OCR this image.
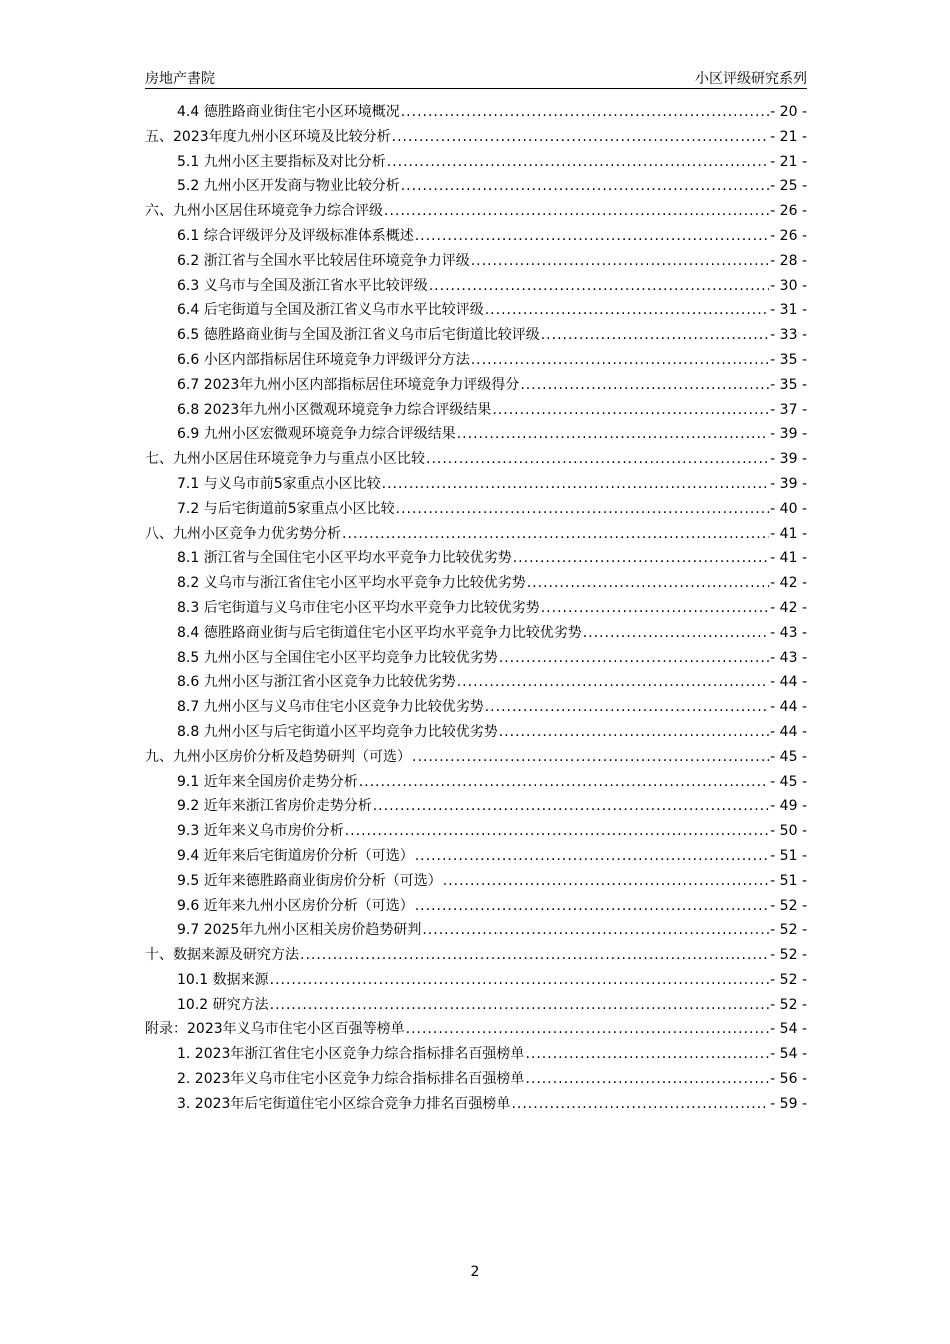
房地产書院	小区评级研究系列
4.4 德胜路商业街住宅小区环境概况 .....	- 20 -
五、2023年度九州小区环境及比较分析 .....	- 21 -
5.1 九州小区主要指标及对比分析 .....	- 21 -
5.2 九州小区开发商与物业比较分析 .....	- 25 -
六、九州小区居住环境竞争力综合评级 .....	- 26 -
6.1 综合评级评分及评级标准体系概述 .....	- 26 -
6.2 浙江省与全国水平比较居住环境竞争力评级 .....	- 28 -
6.3 义乌市与全国及浙江省水平比较评级 .....	- 30 -
6.4 后宅街道与全国及浙江省义乌市水平比较评级 .....	- 31 -
6.5 德胜路商业街与全国及浙江省义乌市后宅街道比较评级 .....	- 33 -
6.6 小区内部指标居住环境竞争力评级评分方法 .....	- 35 -
6.7 2023年九州小区内部指标居住环境竞争力评级得分 .....	- 35 -
6.8 2023年九州小区微观环境竞争力综合评级结果 .....	- 37 -
6.9 九州小区宏微观环境竞争力综合评级结果 .....	- 39 -
七、九州小区居住环境竞争力与重点小区比较 .....	- 39 -
7.1 与义乌市前5家重点小区比较 .....	- 39 -
7.2 与后宅街道前5家重点小区比较 .....	- 40 -
八、九州小区竞争力优劣势分析 .....	- 41 -
8.1 浙江省与全国住宅小区平均水平竞争力比较优劣势 .....	- 41 -
8.2 义乌市与浙江省住宅小区平均水平竞争力比较优劣势 .....	- 42 -
8.3 后宅街道与义乌市住宅小区平均水平竞争力比较优劣势 .....	- 42 -
8.4 德胜路商业街与后宅街道住宅小区平均水平竞争力比较优劣势 .....	- 43 -
8.5 九州小区与全国住宅小区平均竞争力比较优劣势 .....	- 43 -
8.6 九州小区与浙江省小区竞争力比较优劣势 .....	- 44 -
8.7 九州小区与义乌市住宅小区竞争力比较优劣势 .....	- 44 -
8.8 九州小区与后宅街道小区平均竞争力比较优劣势 .....	- 44 -
九、九州小区房价分析及趋势研判（可选） .....	- 45 -
9.1 近年来全国房价走势分析 .....	- 45 -
9.2 近年来浙江省房价走势分析 .....	- 49 -
9.3 近年来义乌市房价分析 .....	- 50 -
9.4 近年来后宅街道房价分析（可选） .....	- 51 -
9.5 近年来德胜路商业街房价分析（可选） .....	- 51 -
9.6 近年来九州小区房价分析（可选） .....	- 52 -
9.7 2025年九州小区相关房价趋势研判 .....	- 52 -
十、数据来源及研究方法 .....	- 52 -
10.1 数据来源 .....	- 52 -
10.2 研究方法 .....	- 52 -
附录：2023年义乌市住宅小区百强等榜单 .....	- 54 -
1. 2023年浙江省住宅小区竞争力综合指标排名百强榜单 .....	- 54 -
2. 2023年义乌市住宅小区竞争力综合指标排名百强榜单 .....	- 56 -
3. 2023年后宅街道住宅小区综合竞争力排名百强榜单 .....	- 59 -
2
